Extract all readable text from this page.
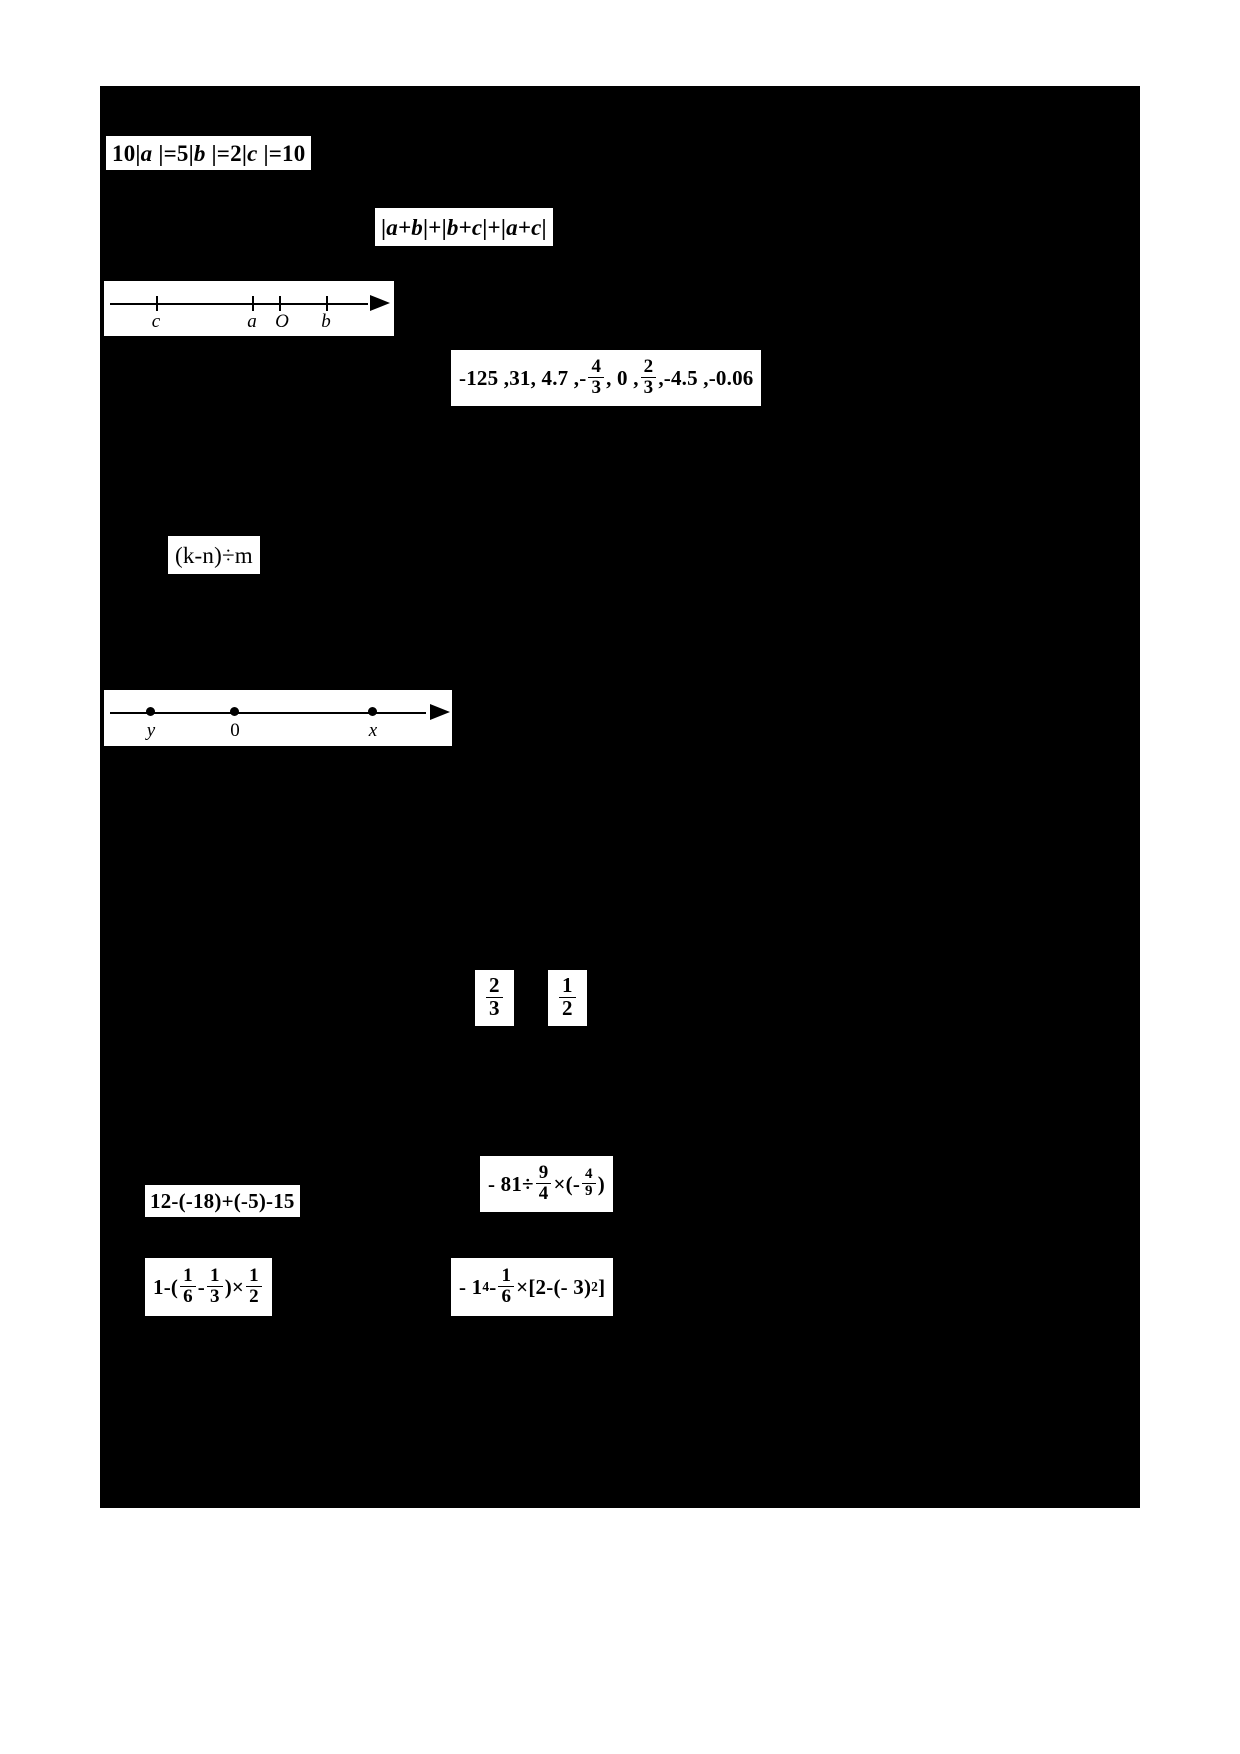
10 | a | =5 | b | =2 | c | =10
| a+b | + | b+c | + | a+c |
c	a O b
-125 ,31, 4.7 ,- $\frac{4}{3}$ , 0 , $\frac{2}{3} ,-4.5$ ,-0.06
(k-n)÷m
y	0	x
$\frac{2}{3}$	$\frac{1}{2}$
12-(-18)+(-5)-15
- $81\div \frac{9}{4}$ ×(- $\frac{4}{9}$ )
$1-( \frac{1}{6} - \frac{1}{3}$ )× $\frac{1}{2}$	- 1 $4 - \frac{1}{6} \times[2-$ (- 3) 2 ]
